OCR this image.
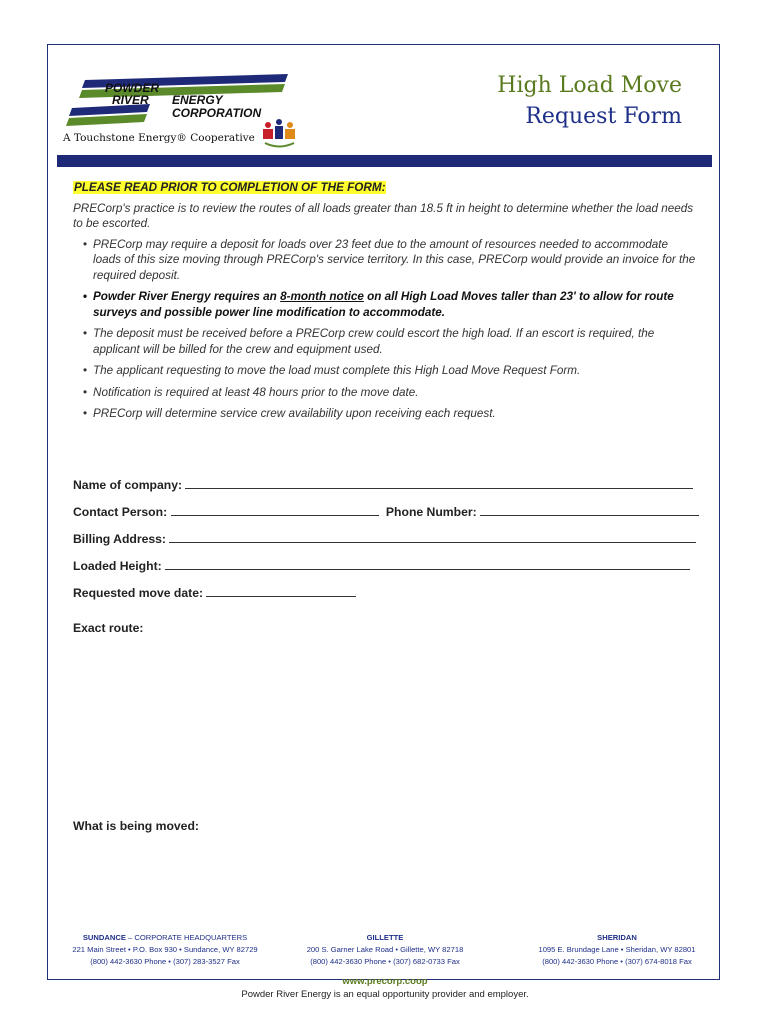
POWDER
RIVER ENERGY
CORPORATION
A Touchstone Energy® Cooperative
High Load Move
Request Form
PLEASE READ PRIOR TO COMPLETION OF THE FORM:
PRECorp's practice is to review the routes of all loads greater than 18.5 ft in height to determine whether the load needs to be escorted.
• PRECorp may require a deposit for loads over 23 feet due to the amount of resources needed to accommodate loads of this size moving through PRECorp's service territory. In this case, PRECorp would provide an invoice for the required deposit.
• Powder River Energy requires an 8-month notice on all High Load Moves taller than 23' to allow for route surveys and possible power line modification to accommodate.
• The deposit must be received before a PRECorp crew could escort the high load. If an escort is required, the applicant will be billed for the crew and equipment used.
• The applicant requesting to move the load must complete this High Load Move Request Form.
• Notification is required at least 48 hours prior to the move date.
• PRECorp will determine service crew availability upon receiving each request.
Name of company:
Contact Person:	Phone Number:
Billing Address:
Loaded Height:
Requested move date:
Exact route:
What is being moved:
SUNDANCE – CORPORATE HEADQUARTERS
221 Main Street • P.O. Box 930 • Sundance, WY 82729
(800) 442-3630 Phone • (307) 283-3527 Fax
GILLETTE
200 S. Garner Lake Road • Gillette, WY 82718
(800) 442-3630 Phone • (307) 682-0733 Fax
SHERIDAN
1095 E. Brundage Lane • Sheridan, WY 82801
(800) 442-3630 Phone • (307) 674-8018 Fax
www.precorp.coop
Powder River Energy is an equal opportunity provider and employer.
